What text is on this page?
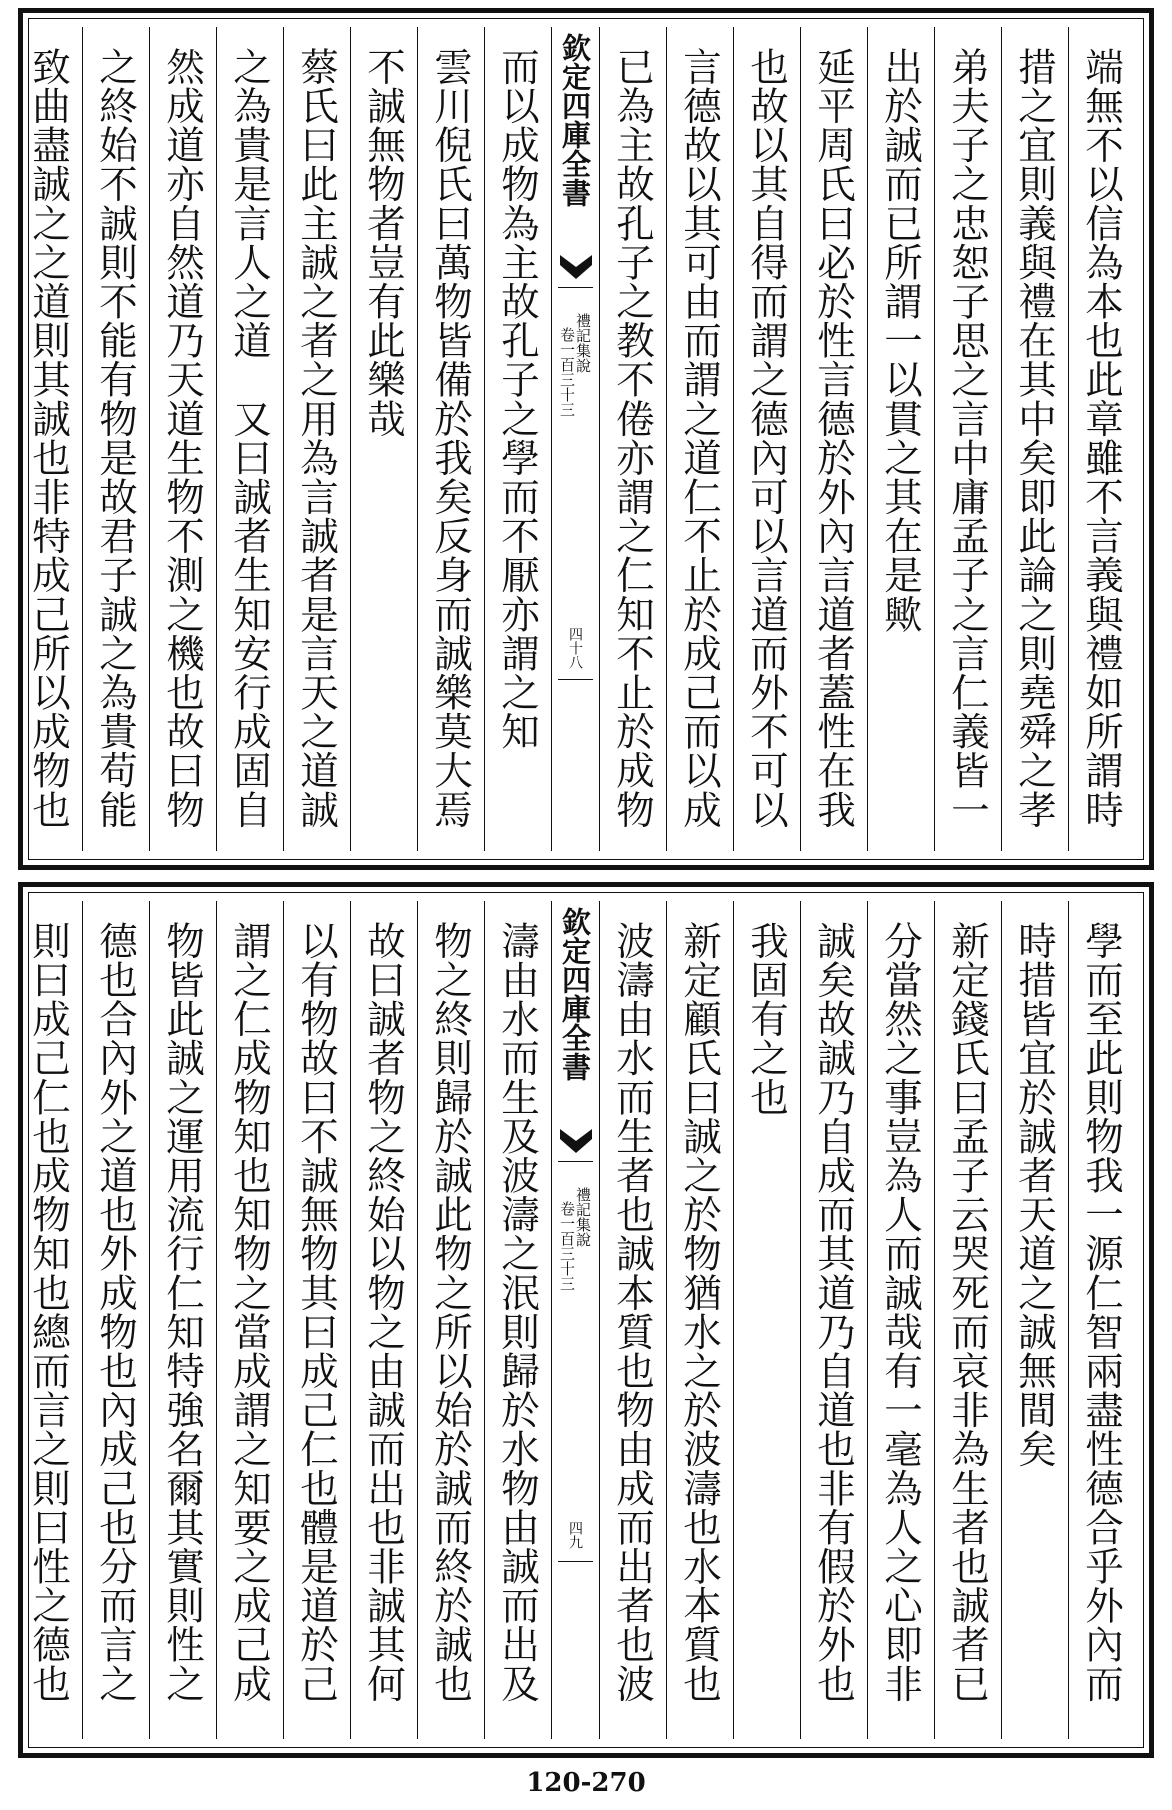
端無不以信為本也此章雖不言義與禮如所謂時
措之宜則義與禮在其中矣即此論之則堯舜之孝
弟夫子之忠恕子思之言中庸孟子之言仁義皆一
出於誠而已所謂一以貫之其在是歟
延平周氏曰必於性言德於外內言道者蓋性在我
也故以其自得而謂之德內可以言道而外不可以
言德故以其可由而謂之道仁不止於成己而以成
已為主故孔子之教不倦亦謂之仁知不止於成物
欽定四庫全書
禮記集說
卷一百三十三
四十八
而以成物為主故孔子之學而不厭亦謂之知
雲川倪氏曰萬物皆備於我矣反身而誠樂莫大焉
不誠無物者豈有此樂哉
蔡氏曰此主誠之者之用為言誠者是言天之道誠
之為貴是言人之道　又曰誠者生知安行成固自
然成道亦自然道乃天道生物不測之機也故曰物
之終始不誠則不能有物是故君子誠之為貴苟能
致曲盡誠之之道則其誠也非特成己所以成物也
學而至此則物我一源仁智兩盡性德合乎外內而
時措皆宜於誠者天道之誠無間矣
新定錢氏曰孟子云哭死而哀非為生者也誠者已
分當然之事豈為人而誠哉有一毫為人之心即非
誠矣故誠乃自成而其道乃自道也非有假於外也
我固有之也
新定顧氏曰誠之於物猶水之於波濤也水本質也
波濤由水而生者也誠本質也物由成而出者也波
欽定四庫全書
禮記集說
卷一百三十三
四九
濤由水而生及波濤之泯則歸於水物由誠而出及
物之終則歸於誠此物之所以始於誠而終於誠也
故曰誠者物之終始以物之由誠而出也非誠其何
以有物故曰不誠無物其曰成己仁也體是道於己
謂之仁成物知也知物之當成謂之知要之成己成
物皆此誠之運用流行仁知特強名爾其實則性之
德也合內外之道也外成物也內成己也分而言之
則曰成己仁也成物知也總而言之則曰性之德也
120-270
